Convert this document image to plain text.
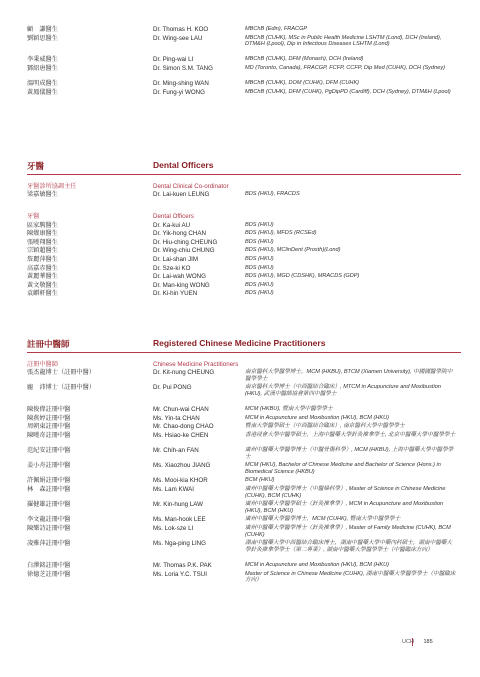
顧　謙醫生	Dr. Thomas H. KOO	MBChB (Edin), FRACGP
劉穎思醫生	Dr. Wing-see LAU	MBChB (CUHK), MSc in Public Health Medicine LSHTM (Lond), DCH (Ireland), DTM&H (Lpool), Dip in Infectious Diseases LSHTM (Lond)
李秉威醫生	Dr. Ping-wai LI	MBChB (CUHK), DFM (Monash), DCH (Ireland)
鄧紹唐醫生	Dr. Simon S.M. TANG	MD (Toronto, Canada), FRACGP, FCFP, CCFP, Dip Med (CUHK), DCH (Sydney)
溫明成醫生	Dr. Ming-shing WAN	MBChB (CUHK), DOM (CUHK), DFM (CUHK)
黃鳳儀醫生	Dr. Fung-yi WONG	MBChB (CUHK), DFM (CUHK), PgDipPD (Cardiff), DCH (Sydney), DTM&H (Lpool)
牙醫	Dental Officers
牙醫診所協調主任	Dental Clinical Co-ordinator
梁嘉敏醫生	Dr. Lai-kuen LEUNG	BDS (HKU), FRACDS
牙醫	Dental Officers
區家駒醫生	Dr. Ka-kui AU	BDS (HKU)
陳燿康醫生	Dr. Yik-hong CHAN	BDS (HKU), MFDS (RCSEd)
張曉翔醫生	Dr. Hiu-ching CHEUNG	BDS (HKU)
宗穎超醫生	Dr. Wing-chiu CHUNG	BDS (HKU), MClinDent (Prosth)(Lond)
詹麗萍醫生	Dr. Lai-shan JIM	BDS (HKU)
高嘉赤醫生	Dr. Sze-ki KO	BDS (HKU)
黃麗華醫生	Dr. Lai-wah WONG	BDS (HKU), MGD (CDSHK), MRACDS (GDP)
黃文敬醫生	Dr. Man-king WONG	BDS (HKU)
袁麒軒醫生	Dr. Ki-hin YUEN	BDS (HKU)
註冊中醫師	Registered Chinese Medicine Practitioners
註冊中醫師	Chinese Medicine Practitioners
張杰龍博士（註冊中醫）	Dr. Kit-nung CHEUNG	南京醫科大學醫學博士，MCM (HKBU), BTCM (Xiamen University), 中國國醫學院中醫學學士
龐　沛博士（註冊中醫）	Dr. Pui PONG	南京醫科大學博士（中西醫結合臨床）, MTCM in Acupuncture and Moxibustion (HKU), 武漢中醫師協會第四中醫學士
陳俊偉註冊中醫	Mr. Chun-wai CHAN	MCM (HKBU), 暨南大學中醫學學士
陳燕婷註冊中醫	Ms. Yin-ta CHAN	MCM in Acupuncture and Moxibustion (HKU), BCM (HKU)
周朝東註冊中醫	Mr. Chao-dong CHAO	暨南大學醫學碩士（中西醫結合臨床）, 南京醫科大學中醫學學士
陳曉奇註冊中醫	Ms. Hsiao-ke CHEN	香港浸會大學中醫學碩士，上海中醫藥大學針灸推拿學士, 北京中醫藥大學中醫學學士
范紀安註冊中醫	Mr. Chih-an FAN	廣州中醫藥大學醫學博士（中醫骨傷科學）, MCM (HKBU), 上海中醫藥大學中醫學學士
姜小舟註冊中醫	Ms. Xiaozhou JIANG	MCM (HKU), Bachelor of Chinese Medicine and Bachelor of Science (Hons.) in Biomedical Science (HKBU)
許佩娟註冊中醫	Ms. Mooi-kia KHOR	BCM (HKU)
林　森註冊中醫	Ms. Lam KWAI	廣州中醫藥大學醫學博士（中醫婦科學）, Master of Science in Chinese Medicine (CUHK), BCM (CUHK)
羅健雄註冊中醫	Mr. Kin-hung LAW	廣州中醫藥大學醫學碩士（針灸推拿學）, MCM in Acupuncture and Moxibustion (HKU), BCM (HKU)
李文龍註冊中醫	Ms. Man-hook LEE	廣州中醫藥大學醫學博士，MCM (CUHK), 暨南大學中醫學學士
陳樂詩註冊中醫	Ms. Lok-sze LI	廣州中醫藥大學醫學博士（針灸推拿學）, Master of Family Medicine (CUHK), BCM (CUHK)
凌雅萍註冊中醫	Ms. Nga-ping LING	湖南中醫藥大學中西醫結合臨床博士，湖南中醫藥大學中藥內科碩士，湖南中醫藥大學針灸推拿學學士（第二專業）, 湖南中醫藥大學醫學學士（中醫臨床方向）
白澤銘註冊中醫	Mr. Thomas P.K. PAK	MCM in Acupuncture and Moxibustion (HKU), BCM (HKU)
徐德芝註冊中醫	Ms. Loria Y.C. TSUI	Master of Science in Chinese Medicine (CUHK), 湖南中醫藥大學醫學學士（中醫臨床方向）
UCH 185
